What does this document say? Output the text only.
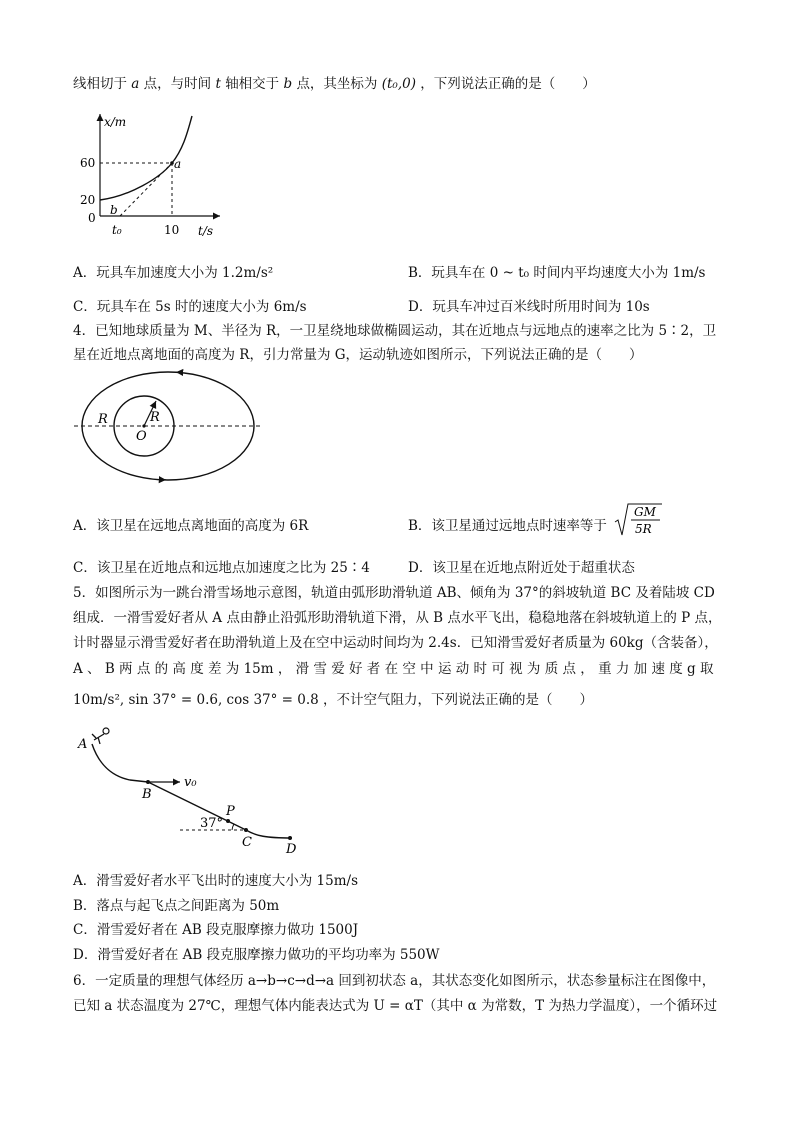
线相切于 a 点，与时间 t 轴相交于 b 点，其坐标为 (t₀,0) ，下列说法正确的是（　　）
x/m
t/s
60
20
0
t₀	10
a
b
A．玩具车加速度大小为 1.2m/s²	B．玩具车在 0 ~ t₀ 时间内平均速度大小为 1m/s
C．玩具车在 5s 时的速度大小为 6m/s	D．玩具车冲过百米线时所用时间为 10s
4．已知地球质量为 M、半径为 R，一卫星绕地球做椭圆运动，其在近地点与远地点的速率之比为 5∶2，卫
星在近地点离地面的高度为 R，引力常量为 G，运动轨迹如图所示，下列说法正确的是（　　）
R	R
O
A．该卫星在远地点离地面的高度为 6R	B．该卫星通过远地点时速率等于
GM
5R
C．该卫星在近地点和远地点加速度之比为 25∶4	D．该卫星在近地点附近处于超重状态
5．如图所示为一跳台滑雪场地示意图，轨道由弧形助滑轨道 AB、倾角为 37°的斜坡轨道 BC 及着陆坡 CD
组成．一滑雪爱好者从 A 点由静止沿弧形助滑轨道下滑，从 B 点水平飞出，稳稳地落在斜坡轨道上的 P 点，
计时器显示滑雪爱好者在助滑轨道上及在空中运动时间均为 2.4s．已知滑雪爱好者质量为 60kg（含装备），
A 、 B 两 点 的 高 度 差 为 15m ， 滑 雪 爱 好 者 在 空 中 运 动 时 可 视 为 质 点 ， 重 力 加 速 度 g 取
10m/s², sin 37° = 0.6, cos 37° = 0.8 ，不计空气阻力，下列说法正确的是（　　）
A
B
v₀
P
37°
C	D
A．滑雪爱好者水平飞出时的速度大小为 15m/s
B．落点与起飞点之间距离为 50m
C．滑雪爱好者在 AB 段克服摩擦力做功 1500J
D．滑雪爱好者在 AB 段克服摩擦力做功的平均功率为 550W
6．一定质量的理想气体经历 a→b→c→d→a 回到初状态 a，其状态变化如图所示，状态参量标注在图像中，
已知 a 状态温度为 27℃，理想气体内能表达式为 U = αT（其中 α 为常数，T 为热力学温度），一个循环过
